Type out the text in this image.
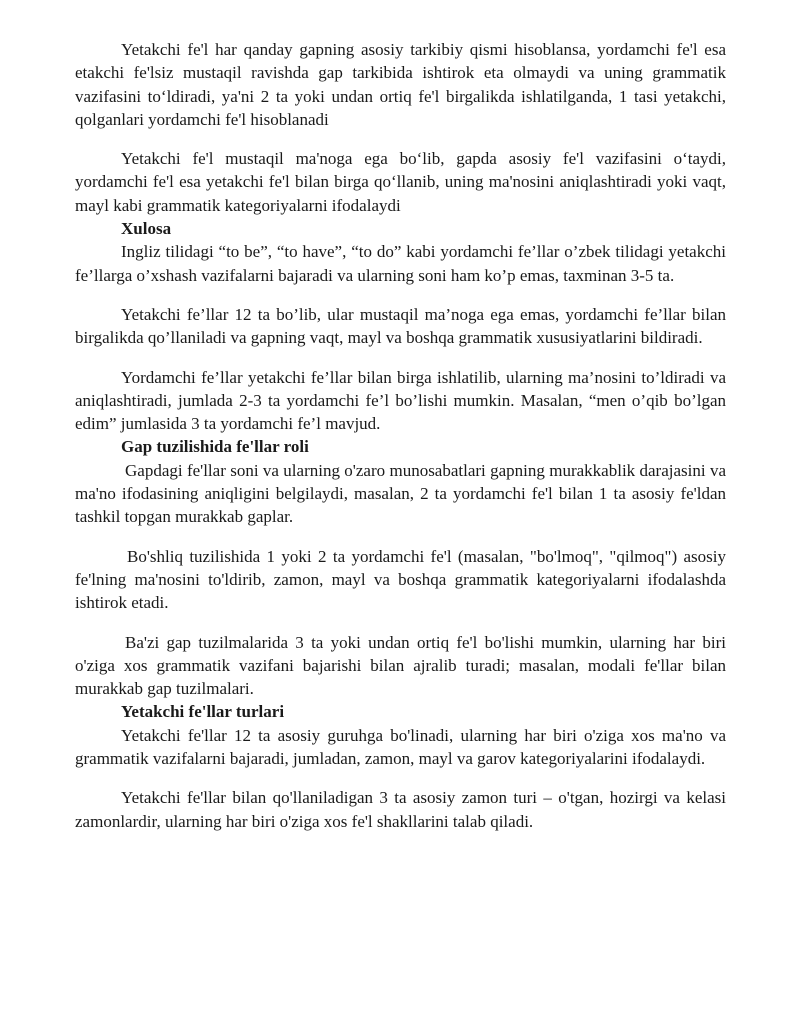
Yetakchi fe'l har qanday gapning asosiy tarkibiy qismi hisoblansa, yordamchi fe'l esa etakchi fe'lsiz mustaqil ravishda gap tarkibida ishtirok eta olmaydi va uning grammatik vazifasini to‘ldiradi, ya'ni 2 ta yoki undan ortiq fe'l birgalikda ishlatilganda, 1 tasi yetakchi, qolganlari yordamchi fe'l hisoblanadi

Yetakchi fe'l mustaqil ma'noga ega bo‘lib, gapda asosiy fe'l vazifasini o‘taydi, yordamchi fe'l esa yetakchi fe'l bilan birga qo‘llanib, uning ma'nosini aniqlashtiradi yoki vaqt, mayl kabi grammatik kategoriyalarni ifodalaydi

Xulosa

Ingliz tilidagi “to be”, “to have”, “to do” kabi yordamchi fe’llar o’zbek tilidagi yetakchi fe’llarga o’xshash vazifalarni bajaradi va ularning soni ham ko’p emas, taxminan 3-5 ta.

Yetakchi fe’llar 12 ta bo’lib, ular mustaqil ma’noga ega emas, yordamchi fe’llar bilan birgalikda qo’llaniladi va gapning vaqt, mayl va boshqa grammatik xususiyatlarini bildiradi.

Yordamchi fe’llar yetakchi fe’llar bilan birga ishlatilib, ularning ma’nosini to’ldiradi va aniqlashtiradi, jumlada 2-3 ta yordamchi fe’l bo’lishi mumkin. Masalan, “men o’qib bo’lgan edim” jumlasida 3 ta yordamchi fe’l mavjud.

Gap tuzilishida fe'llar roli

Gapdagi fe'llar soni va ularning o'zaro munosabatlari gapning murakkablik darajasini va ma'no ifodasining aniqligini belgilaydi, masalan, 2 ta yordamchi fe'l bilan 1 ta asosiy fe'ldan tashkil topgan murakkab gaplar.

Bo'shliq tuzilishida 1 yoki 2 ta yordamchi fe'l (masalan, "bo'lmoq", "qilmoq") asosiy fe'lning ma'nosini to'ldirib, zamon, mayl va boshqa grammatik kategoriyalarni ifodalashda ishtirok etadi.

Ba'zi gap tuzilmalarida 3 ta yoki undan ortiq fe'l bo'lishi mumkin, ularning har biri o'ziga xos grammatik vazifani bajarishi bilan ajralib turadi; masalan, modali fe'llar bilan murakkab gap tuzilmalari.

Yetakchi fe'llar turlari

Yetakchi fe'llar 12 ta asosiy guruhga bo'linadi, ularning har biri o'ziga xos ma'no va grammatik vazifalarni bajaradi, jumladan, zamon, mayl va garov kategoriyalarini ifodalaydi.

Yetakchi fe'llar bilan qo'llaniladigan 3 ta asosiy zamon turi – o'tgan, hozirgi va kelasi zamonlardir, ularning har biri o'ziga xos fe'l shakllarini talab qiladi.
